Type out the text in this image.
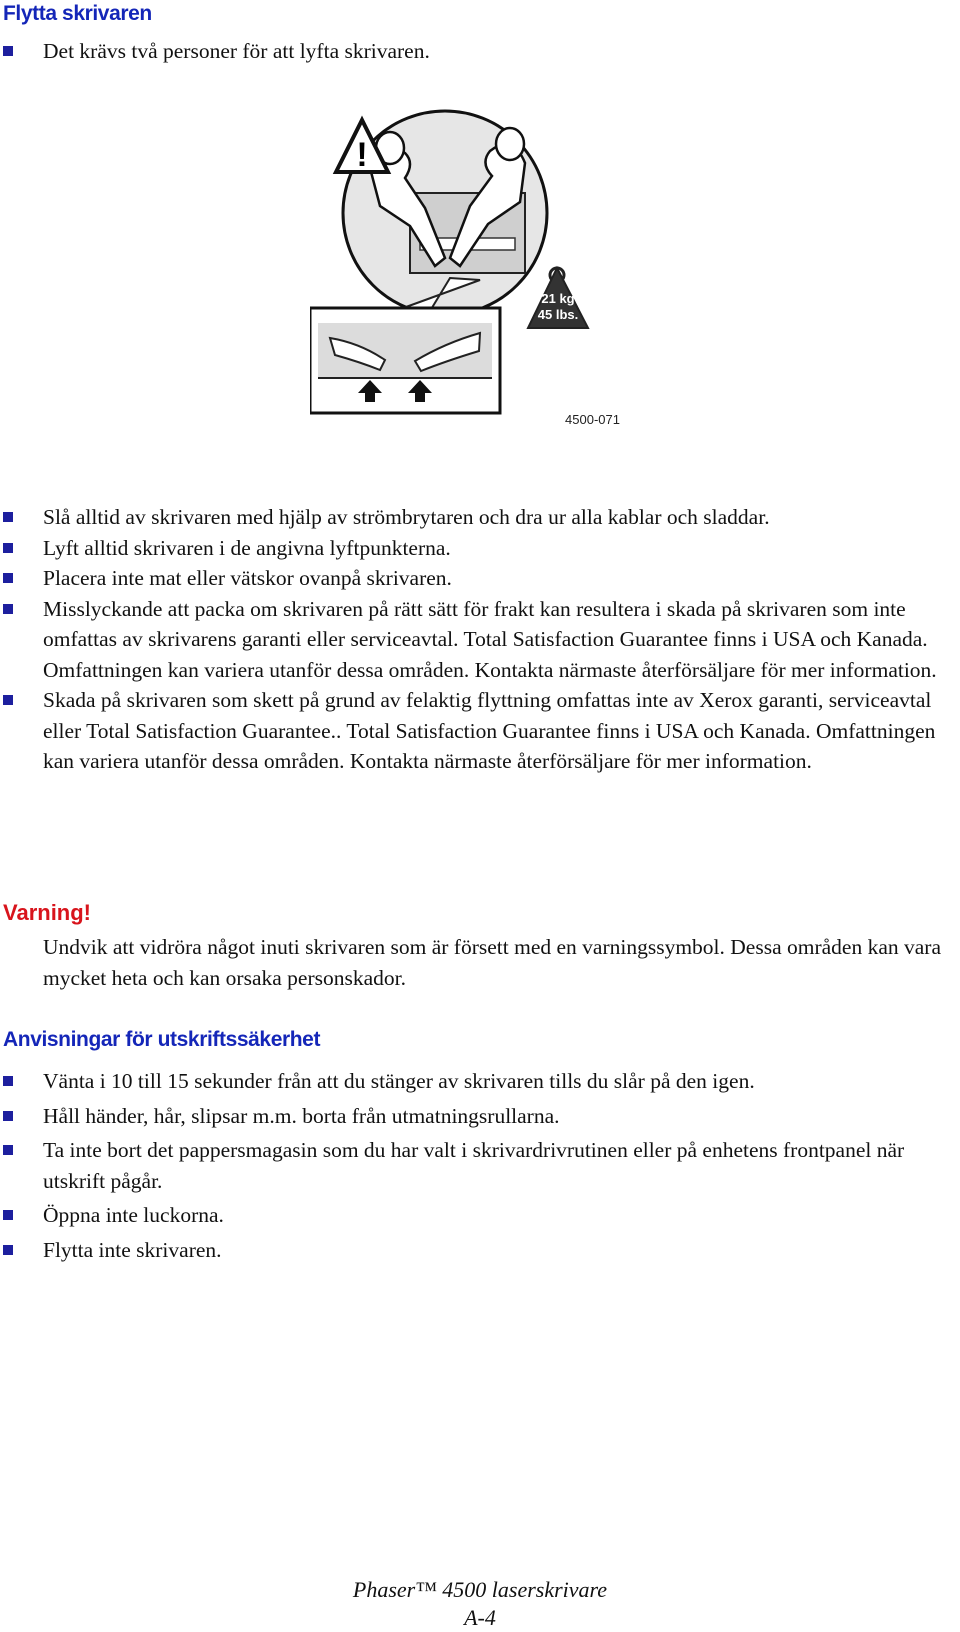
Flytta skrivaren
Det krävs två personer för att lyfta skrivaren.
!
21 kg
45 lbs.
4500-071
Slå alltid av skrivaren med hjälp av strömbrytaren och dra ur alla kablar och sladdar.
Lyft alltid skrivaren i de angivna lyftpunkterna.
Placera inte mat eller vätskor ovanpå skrivaren.
Misslyckande att packa om skrivaren på rätt sätt för frakt kan resultera i skada på skrivaren som inte omfattas av skrivarens garanti eller serviceavtal. Total Satisfaction Guarantee finns i USA och Kanada. Omfattningen kan variera utanför dessa områden. Kontakta närmaste återförsäljare för mer information.
Skada på skrivaren som skett på grund av felaktig flyttning omfattas inte av Xerox garanti, serviceavtal eller Total Satisfaction Guarantee.. Total Satisfaction Guarantee finns i USA och Kanada. Omfattningen kan variera utanför dessa områden. Kontakta närmaste återförsäljare för mer information.
Varning!
Undvik att vidröra något inuti skrivaren som är försett med en varningssymbol. Dessa områden kan vara mycket heta och kan orsaka personskador.
Anvisningar för utskriftssäkerhet
Vänta i 10 till 15 sekunder från att du stänger av skrivaren tills du slår på den igen.
Håll händer, hår, slipsar m.m. borta från utmatningsrullarna.
Ta inte bort det pappersmagasin som du har valt i skrivardrivrutinen eller på enhetens frontpanel när utskrift pågår.
Öppna inte luckorna.
Flytta inte skrivaren.
Phaser™ 4500 laserskrivare
A-4
